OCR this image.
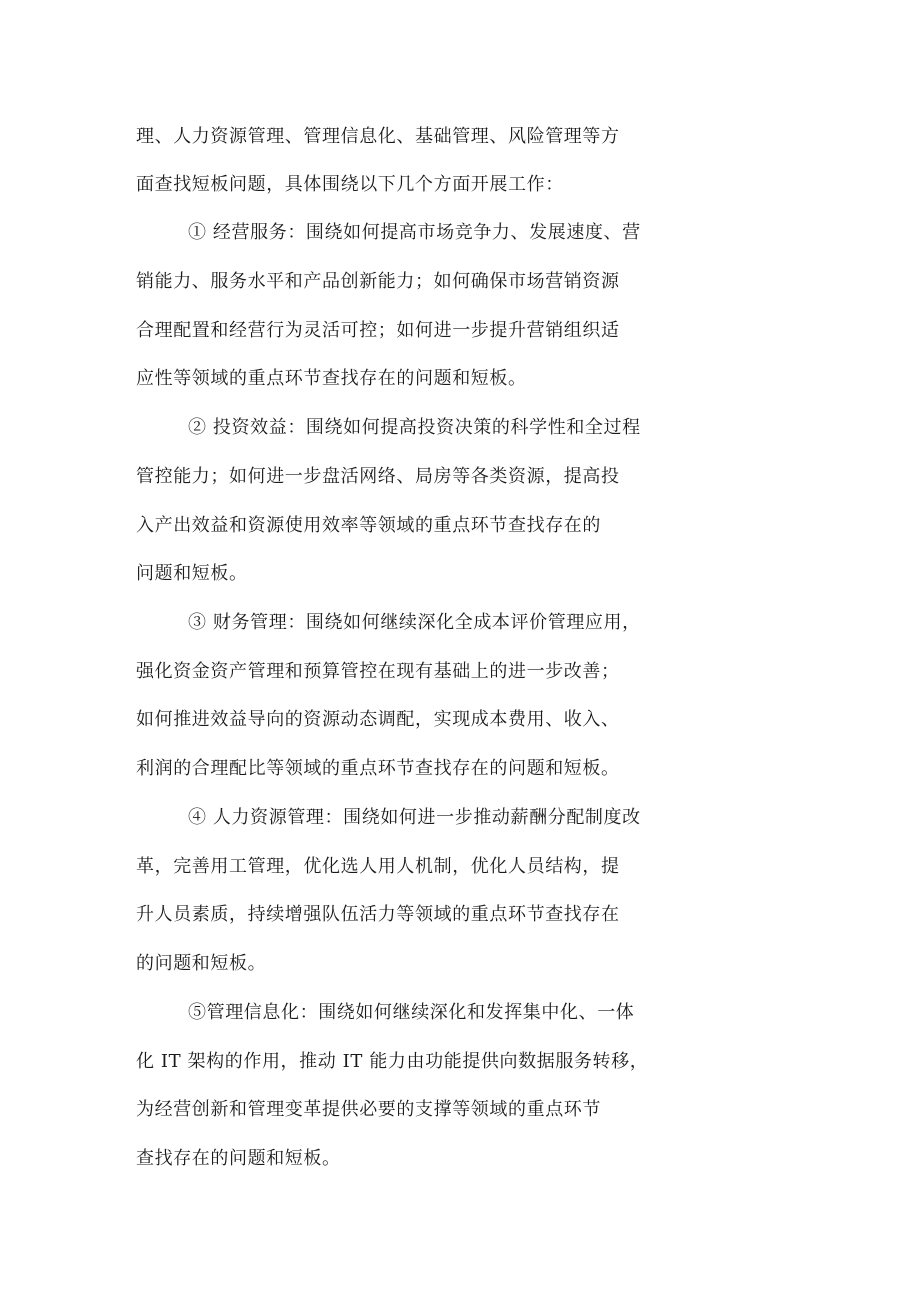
理、人力资源管理、管理信息化、基础管理、风险管理等方
面查找短板问题，具体围绕以下几个方面开展工作：
① 经营服务：围绕如何提高市场竞争力、发展速度、营
销能力、服务水平和产品创新能力；如何确保市场营销资源
合理配置和经营行为灵活可控；如何进一步提升营销组织适
应性等领域的重点环节查找存在的问题和短板。
② 投资效益：围绕如何提高投资决策的科学性和全过程
管控能力；如何进一步盘活网络、局房等各类资源，提高投
入产出效益和资源使用效率等领域的重点环节查找存在的
问题和短板。
③ 财务管理：围绕如何继续深化全成本评价管理应用，
强化资金资产管理和预算管控在现有基础上的进一步改善；
如何推进效益导向的资源动态调配，实现成本费用、收入、
利润的合理配比等领域的重点环节查找存在的问题和短板。
④ 人力资源管理：围绕如何进一步推动薪酬分配制度改
革，完善用工管理，优化选人用人机制，优化人员结构，提
升人员素质，持续增强队伍活力等领域的重点环节查找存在
的问题和短板。
⑤管理信息化：围绕如何继续深化和发挥集中化、一体
化 IT 架构的作用，推动 IT 能力由功能提供向数据服务转移，
为经营创新和管理变革提供必要的支撑等领域的重点环节
查找存在的问题和短板。
